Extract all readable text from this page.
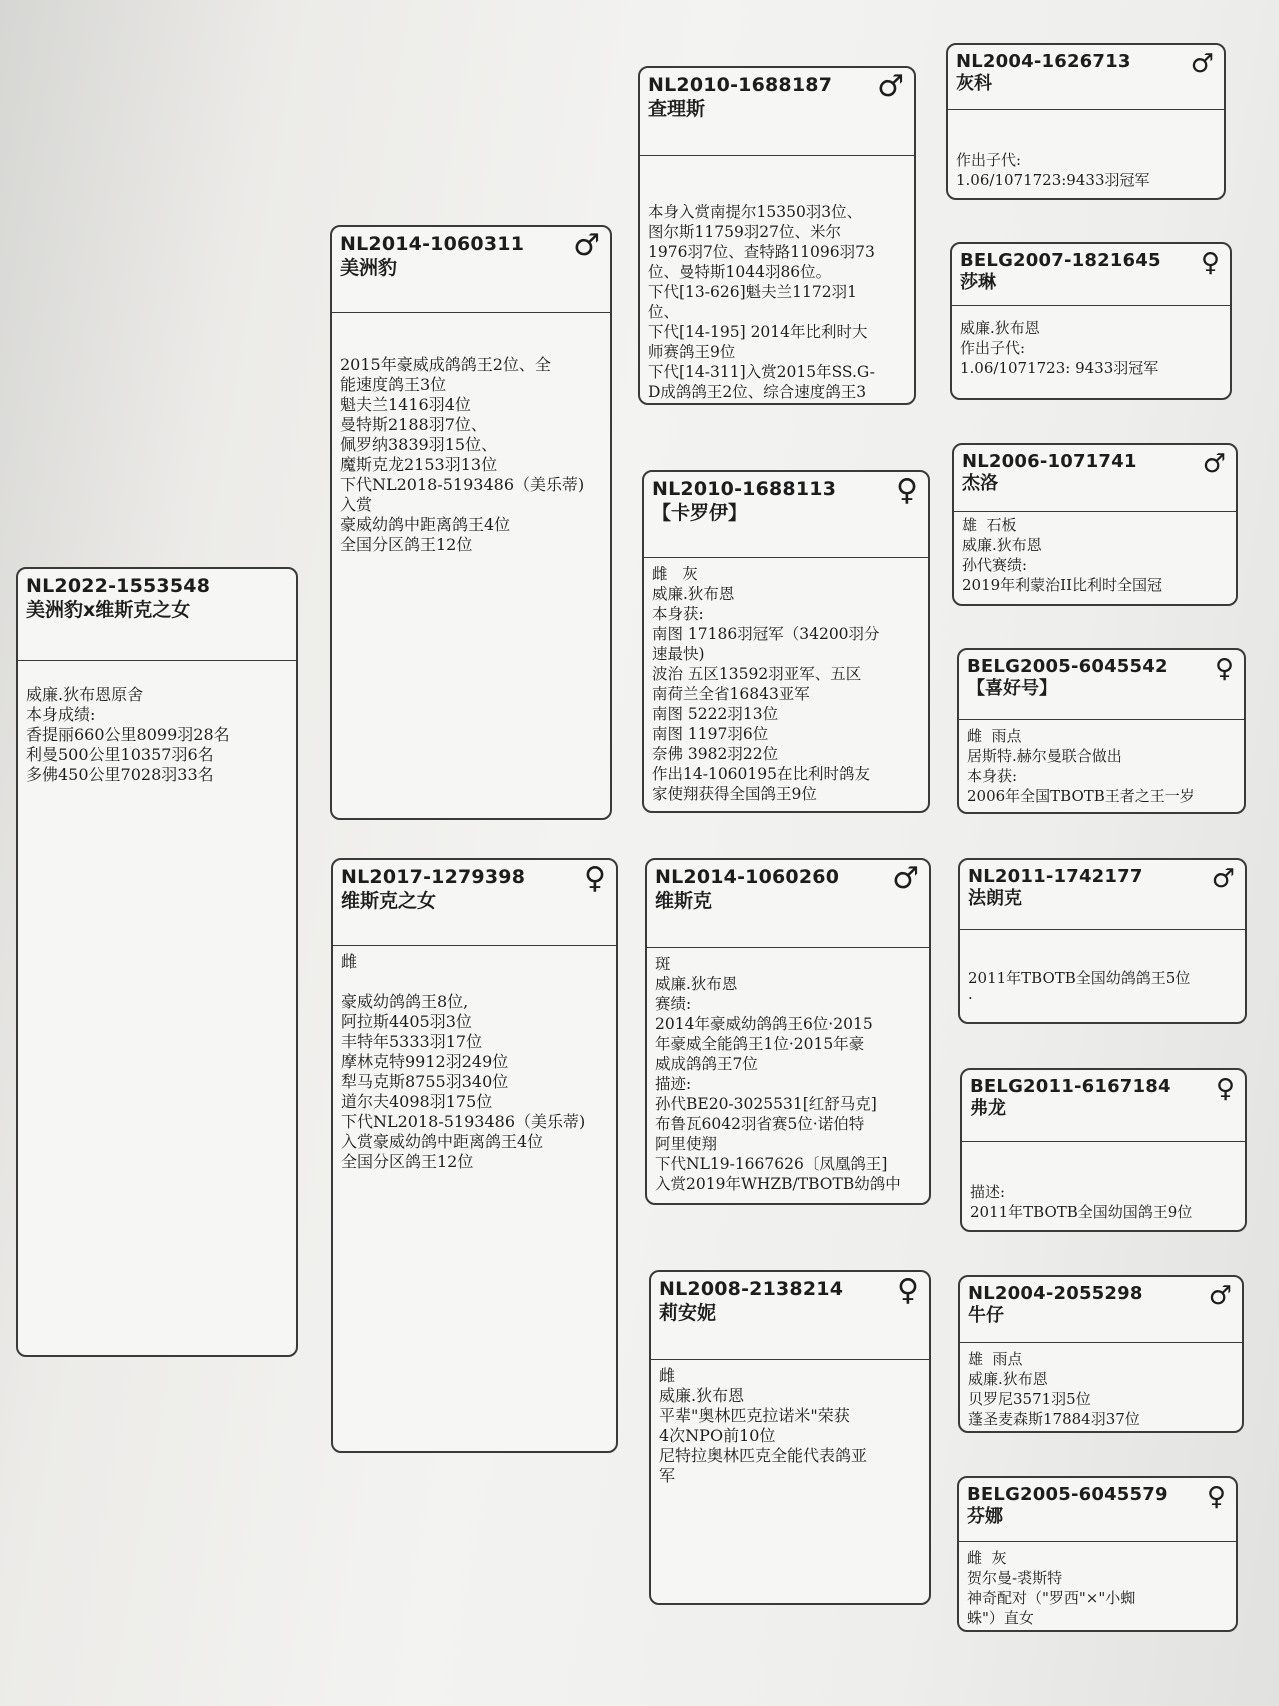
NL2022-1553548
美洲豹x维斯克之女
威廉.狄布恩原舍
本身成绩:
香提丽660公里8099羽28名
利曼500公里10357羽6名
多佛450公里7028羽33名
NL2014-1060311
美洲豹
♂
2015年豪威成鸽鸽王2位、全
能速度鸽王3位
魁夫兰1416羽4位
曼特斯2188羽7位、
佩罗纳3839羽15位、
魔斯克龙2153羽13位
下代NL2018-5193486（美乐蒂)
入赏
豪威幼鸽中距离鸽王4位
全国分区鸽王12位
NL2017-1279398
维斯克之女
♀
雌

豪威幼鸽鸽王8位,
阿拉斯4405羽3位
丰特年5333羽17位
摩林克特9912羽249位
犁马克斯8755羽340位
道尔夫4098羽175位
下代NL2018-5193486（美乐蒂)
入赏豪威幼鸽中距离鸽王4位
全国分区鸽王12位
NL2010-1688187
查理斯
♂
本身入赏南提尔15350羽3位、
图尔斯11759羽27位、米尔
1976羽7位、查特路11096羽73
位、曼特斯1044羽86位。
下代[13-626]魁夫兰1172羽1
位、
下代[14-195] 2014年比利时大
师赛鸽王9位
下代[14-311]入赏2015年SS.G-
D成鸽鸽王2位、综合速度鸽王3
NL2010-1688113
【卡罗伊】
♀
雌   灰
威廉.狄布恩
本身获:
南图 17186羽冠军（34200羽分
速最快)
波治 五区13592羽亚军、五区
南荷兰全省16843亚军
南图 5222羽13位
南图 1197羽6位
奈佛 3982羽22位
作出14-1060195在比利时鸽友
家使翔获得全国鸽王9位
NL2014-1060260
维斯克
♂
斑
威廉.狄布恩
赛绩:
2014年豪威幼鸽鸽王6位·2015
年豪威全能鸽王1位·2015年豪
威成鸽鸽王7位
描迹:
孙代BE20-3025531[红舒马克]
布鲁瓦6042羽省赛5位·诺伯特
阿里使翔
下代NL19-1667626〔凤凰鸽王]
入赏2019年WHZB/TBOTB幼鸽中
NL2008-2138214
莉安妮
♀
雌
威廉.狄布恩
平辈"奥林匹克拉诺米"荣获
4次NPO前10位
尼特拉奥林匹克全能代表鸽亚
军
NL2004-1626713
灰科
♂

作出子代:
1.06/1071723:9433羽冠军
BELG2007-1821645
莎琳
♀
威廉.狄布恩
作出子代:
1.06/1071723: 9433羽冠军
NL2006-1071741
杰洛
♂
雄  石板
威廉.狄布恩
孙代赛绩:
2019年利蒙治II比利时全国冠
BELG2005-6045542
【喜好号】
♀
雌  雨点
居斯特.赫尔曼联合做出
本身获:
2006年全国TBOTB王者之王一岁
NL2011-1742177
法朗克
♂

2011年TBOTB全国幼鸽鸽王5位
·
BELG2011-6167184
弗龙
♀

描述:
2011年TBOTB全国幼国鸽王9位
NL2004-2055298
牛仔
♂
雄  雨点
威廉.狄布恩
贝罗尼3571羽5位
蓬圣麦森斯17884羽37位
BELG2005-6045579
芬娜
♀
雌  灰
贺尔曼-裘斯特
神奇配对（"罗西"×"小蜘
蛛"）直女
